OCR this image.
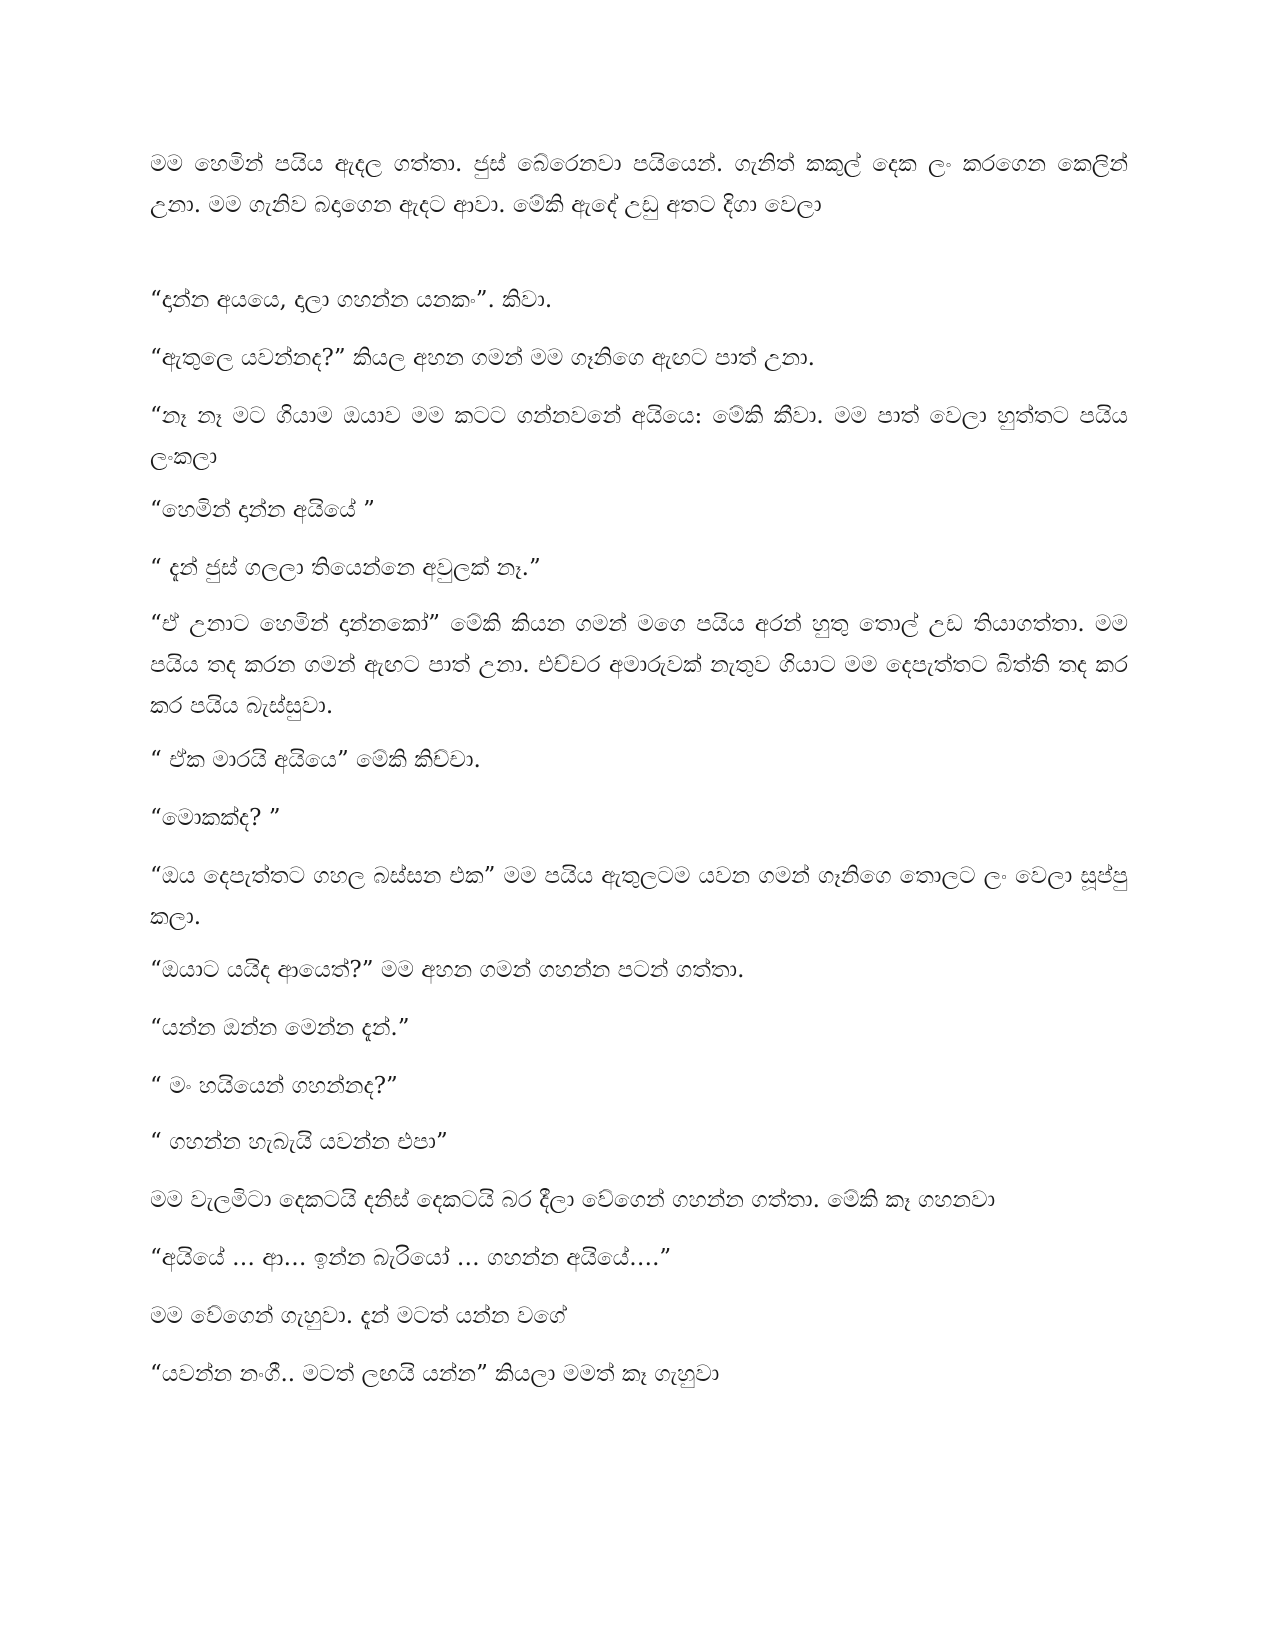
මම හෙමින් පයිය ඇදල ගත්තා. ජුස් බේරෙනවා පයියෙන්. ගැනිත් කකුල් දෙක ලං කරගෙන කෙලින් උනා. මම ගැනිව බදාගෙන ඇදට ආවා. මේකි ඇදේ උඩු අතට දිගා වෙලා

“දාන්න අයයෙ, දාලා ගහන්න යනකං”. කිවා.

“ඇතුලෙ යවන්නද?” කියල අහන ගමන් මම ගෑනිගෙ ඇඟට පාත් උනා.

“නෑ නෑ මට ගියාම ඔයාව මම කටට ගන්නවනේ අයියෙ: මේකි කීවා. මම පාත් වෙලා හුත්තට පයිය ලංකලා

“හෙමින් දාන්න අයියේ ”

“ දැන් ජුස් ගලලා තියෙන්නෙ අවුලක් නෑ.”

“ඒ උනාට හෙමින් දාන්නකෝ” මේකි කියන ගමන් මගෙ පයිය අරන් හුතු තොල් උඩ තියාගත්තා. මම පයිය තද කරන ගමන් ඇඟට පාත් උනා. එච්චර අමාරුවක් නැතුව ගියාට මම දෙපැත්තට බිත්ති තද කර කර පයිය බැස්සුවා.

“ ඒක මාරයි අයියෙ” මේකි කිච්චා.

“මොකක්ද? ”

“ඔය දෙපැත්තට ගහල බස්සන එක” මම පයිය ඇතුලටම යවන ගමන් ගෑනිගෙ තොලට ලං වෙලා සූප්පු කලා.

“ඔයාට යයිද ආයෙත්?” මම අහන ගමන් ගහන්න පටන් ගත්තා.

“යන්න ඔන්න මෙන්න දැන්.”

“ මං හයියෙන් ගහන්නද?”

“ ගහන්න හැබැයි යවන්න එපා”

මම වැලමිටා දෙකටයි දනිස් දෙකටයි බර දීලා වේගෙන් ගහන්න ගත්තා. මේකි කෑ ගහනවා

“අයියේ … ආ… ඉන්න බැරියෝ … ගහන්න අයියේ….”

මම වේගෙන් ගැහුවා. දැන් මටත් යන්න වගේ

“යවන්න නංගී.. මටත් ලඟයි යන්න” කියලා මමත් කෑ ගැහුවා
